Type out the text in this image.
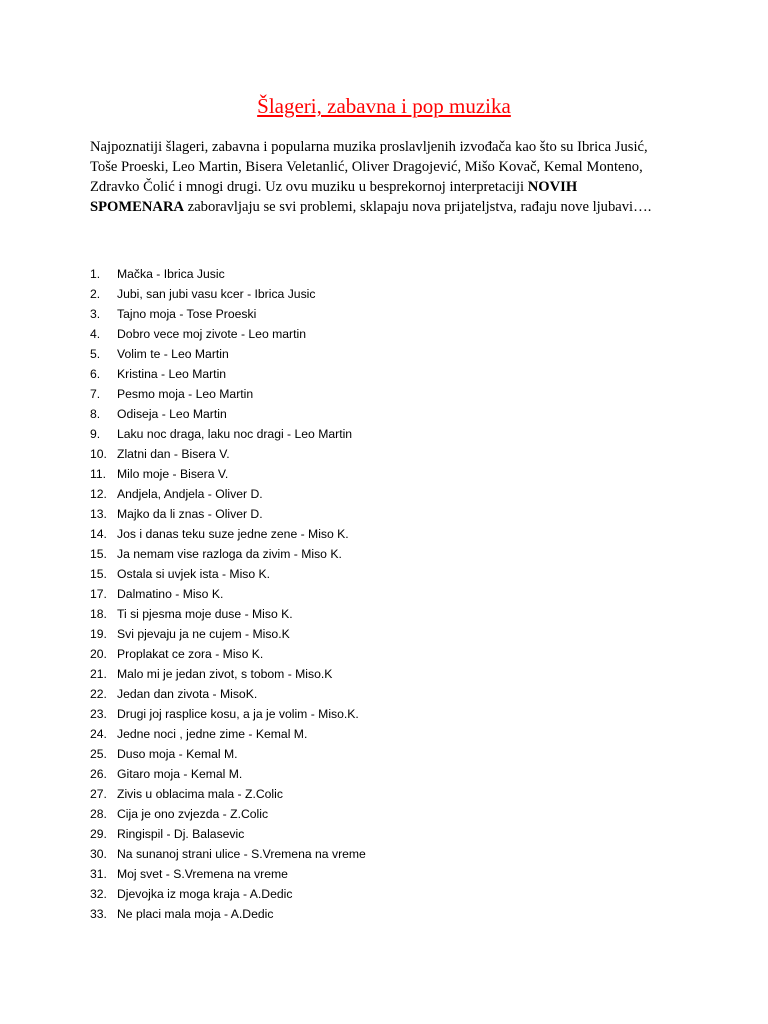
Šlageri, zabavna i pop muzika
Najpoznatiji šlageri, zabavna i popularna muzika proslavljenih izvođača kao što su Ibrica Jusić,
Toše Proeski, Leo Martin, Bisera Veletanlić, Oliver Dragojević, Mišo Kovač, Kemal Monteno,
Zdravko Čolić i mnogi drugi. Uz ovu muziku u besprekornoj interpretaciji NOVIH
SPOMENARA zaboravljaju se svi problemi, sklapaju nova prijateljstva, rađaju nove ljubavi….
1. Mačka - Ibrica Jusic
2. Jubi, san jubi vasu kcer - Ibrica Jusic
3. Tajno moja - Tose Proeski
4. Dobro vece moj zivote - Leo martin
5. Volim te - Leo Martin
6. Kristina - Leo Martin
7. Pesmo moja - Leo Martin
8. Odiseja - Leo Martin
9. Laku noc draga, laku noc dragi - Leo Martin
10. Zlatni dan - Bisera V.
11. Milo moje - Bisera V.
12. Andjela, Andjela - Oliver D.
13. Majko da li znas - Oliver D.
14. Jos i danas teku suze jedne zene - Miso K.
15. Ja nemam vise razloga da zivim - Miso K.
15. Ostala si uvjek ista - Miso K.
17. Dalmatino - Miso K.
18. Ti si pjesma moje duse - Miso K.
19. Svi pjevaju ja ne cujem - Miso.K
20. Proplakat ce zora - Miso K.
21. Malo mi je jedan zivot, s tobom - Miso.K
22. Jedan dan zivota - MisoK.
23. Drugi joj rasplice kosu, a ja je volim - Miso.K.
24. Jedne noci , jedne zime - Kemal M.
25. Duso moja - Kemal M.
26. Gitaro moja - Kemal M.
27. Zivis u oblacima mala - Z.Colic
28. Cija je ono zvjezda - Z.Colic
29. Ringispil - Dj. Balasevic
30. Na sunanoj strani ulice - S.Vremena na vreme
31. Moj svet - S.Vremena na vreme
32. Djevojka iz moga kraja - A.Dedic
33. Ne placi mala moja - A.Dedic
